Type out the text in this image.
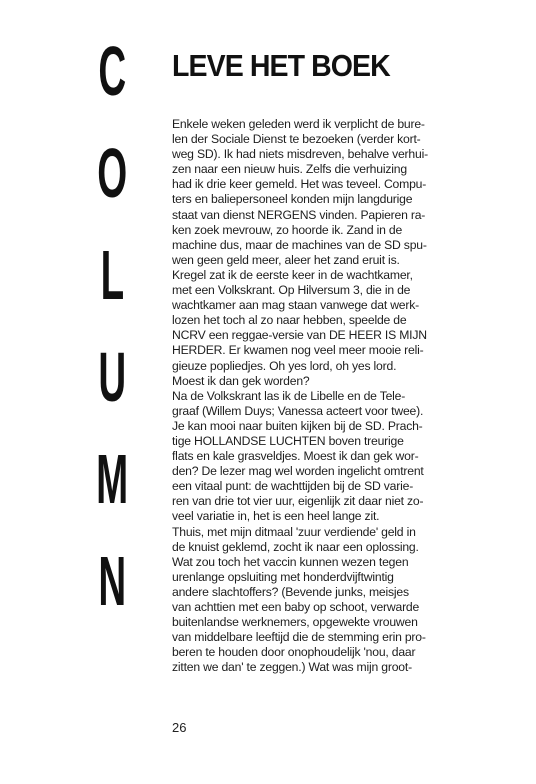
C
O
L
U
M
N
LEVE HET BOEK
Enkele weken geleden werd ik verplicht de bure-
len der Sociale Dienst te bezoeken (verder kort-
weg SD). Ik had niets misdreven, behalve verhui-
zen naar een nieuw huis. Zelfs die verhuizing
had ik drie keer gemeld. Het was teveel. Compu-
ters en baliepersoneel konden mijn langdurige
staat van dienst NERGENS vinden. Papieren ra-
ken zoek mevrouw, zo hoorde ik. Zand in de
machine dus, maar de machines van de SD spu-
wen geen geld meer, aleer het zand eruit is.
Kregel zat ik de eerste keer in de wachtkamer,
met een Volkskrant. Op Hilversum 3, die in de
wachtkamer aan mag staan vanwege dat werk-
lozen het toch al zo naar hebben, speelde de
NCRV een reggae-versie van DE HEER IS MIJN
HERDER. Er kwamen nog veel meer mooie reli-
gieuze popliedjes. Oh yes lord, oh yes lord.
Moest ik dan gek worden?
Na de Volkskrant las ik de Libelle en de Tele-
graaf (Willem Duys; Vanessa acteert voor twee).
Je kan mooi naar buiten kijken bij de SD. Prach-
tige HOLLANDSE LUCHTEN boven treurige
flats en kale grasveldjes. Moest ik dan gek wor-
den? De lezer mag wel worden ingelicht omtrent
een vitaal punt: de wachttijden bij de SD varie-
ren van drie tot vier uur, eigenlijk zit daar niet zo-
veel variatie in, het is een heel lange zit.
Thuis, met mijn ditmaal 'zuur verdiende' geld in
de knuist geklemd, zocht ik naar een oplossing.
Wat zou toch het vaccin kunnen wezen tegen
urenlange opsluiting met honderdvijftwintig
andere slachtoffers? (Bevende junks, meisjes
van achttien met een baby op schoot, verwarde
buitenlandse werknemers, opgewekte vrouwen
van middelbare leeftijd die de stemming erin pro-
beren te houden door onophoudelijk 'nou, daar
zitten we dan' te zeggen.) Wat was mijn groot-
26
